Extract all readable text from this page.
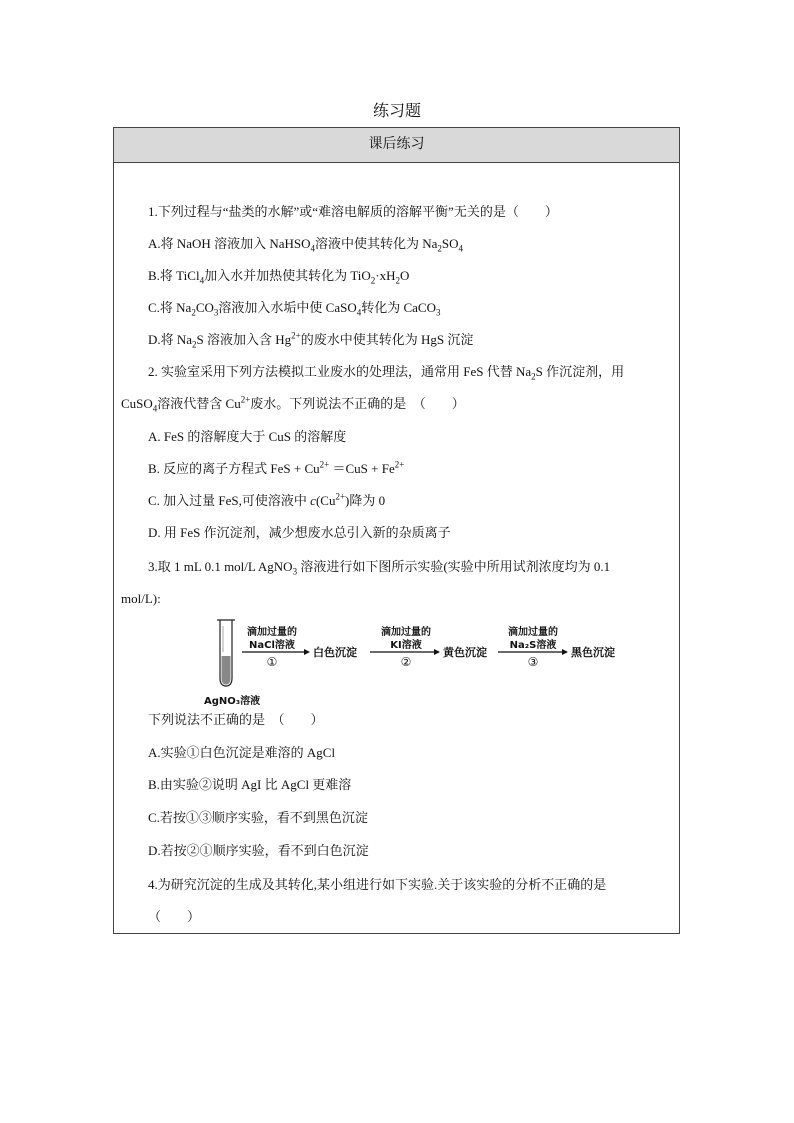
练习题
课后练习
1.下列过程与“盐类的水解”或“难溶电解质的溶解平衡”无关的是（　　）
A.将 NaOH 溶液加入 NaHSO$_4$溶液中使其转化为 $Na_2SO_4$
B.将 TiCl$_4$加入水并加热使其转化为 $TiO_2\cdot xH_2O$
C.将 $Na_2CO_3$溶液加入水垢中使 CaSO$_4$转化为 CaCO$_3$
D.将 $Na_2S$ 溶液加入含 $Hg^{2+}$的废水中使其转化为 HgS 沉淀
2. 实验室采用下列方法模拟工业废水的处理法，通常用 FeS 代替 $Na_2S$ 作沉淀剂，用
CuSO$_4$溶液代替含 $Cu^{2+}$废水。下列说法不正确的是　（　　）
A. FeS 的溶解度大于 CuS 的溶解度
B. 反应的离子方程式 FeS + $Cu^{2+} =CuS + Fe^{2+}$
C. 加入过量 FeS,可使溶液中 $c(Cu^{2+})$降为 0
D. 用 FeS 作沉淀剂，减少想废水总引入新的杂质离子
3.取 1 mL 0.1 mol/L AgNO$_3$ 溶液进行如下图所示实验(实验中所用试剂浓度均为 0.1
mol/L):
下列说法不正确的是　（　　）
A.实验①白色沉淀是难溶的 AgCl
B.由实验②说明 AgI 比 AgCl 更难溶
C.若按①③顺序实验，看不到黑色沉淀
D.若按②①顺序实验，看不到白色沉淀
4.为研究沉淀的生成及其转化,某小组进行如下实验.关于该实验的分析不正确的是
（　　）
AgNO₃溶液
滴加过量的
NaCl溶液
①
白色沉淀
滴加过量的
KI溶液
②
黄色沉淀
滴加过量的
Na₂S溶液
③
黑色沉淀
